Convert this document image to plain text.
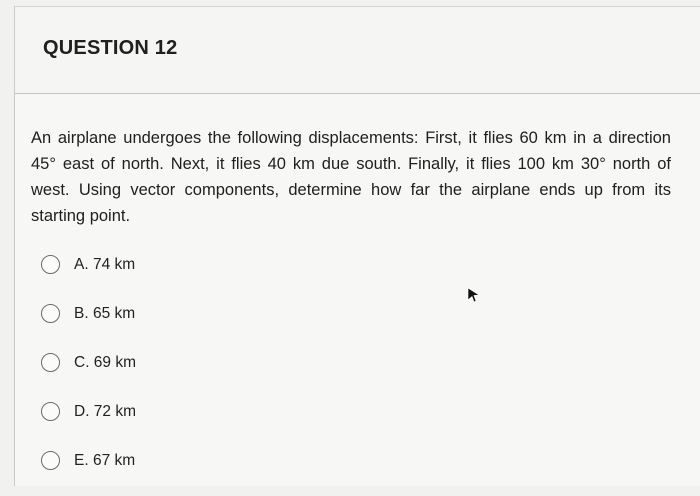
QUESTION 12
An airplane undergoes the following displacements: First, it flies 60 km in a direction 45° east of north. Next, it flies 40 km due south. Finally, it flies 100 km 30° north of west. Using vector components, determine how far the airplane ends up from its starting point.
A. 74 km
B. 65 km
C. 69 km
D. 72 km
E. 67 km
